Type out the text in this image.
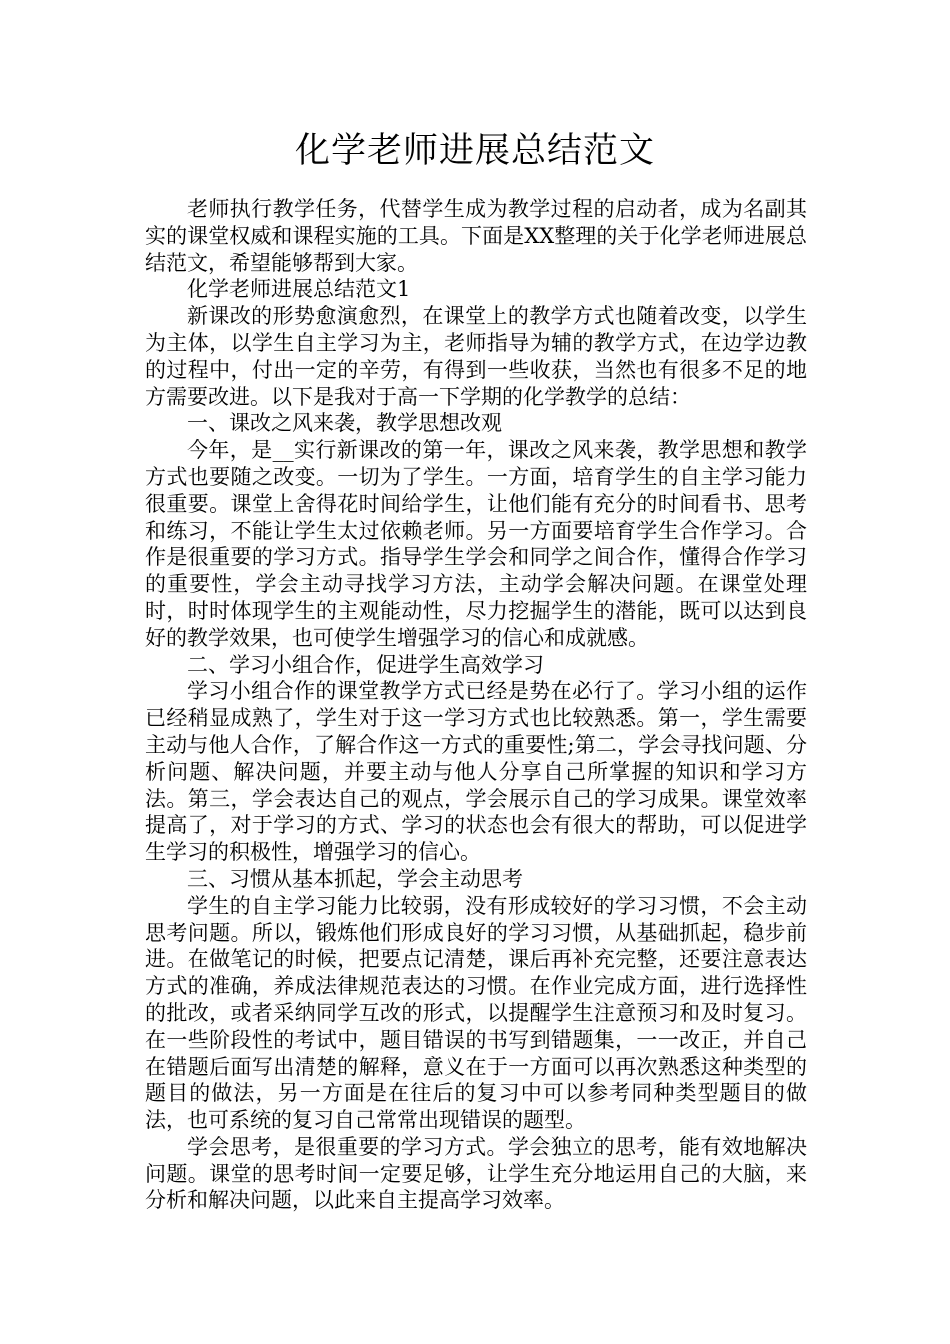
化学老师进展总结范文

老师执行教学任务，代替学生成为教学过程的启动者，成为名副其实的课堂权威和课程实施的工具。下面是XX整理的关于化学老师进展总结范文，希望能够帮到大家。

化学老师进展总结范文1

新课改的形势愈演愈烈，在课堂上的教学方式也随着改变，以学生为主体，以学生自主学习为主，老师指导为辅的教学方式，在边学边教的过程中，付出一定的辛劳，有得到一些收获，当然也有很多不足的地方需要改进。以下是我对于高一下学期的化学教学的总结：

一、课改之风来袭，教学思想改观

今年，是__实行新课改的第一年，课改之风来袭，教学思想和教学方式也要随之改变。一切为了学生。一方面，培育学生的自主学习能力很重要。课堂上舍得花时间给学生，让他们能有充分的时间看书、思考和练习，不能让学生太过依赖老师。另一方面要培育学生合作学习。合作是很重要的学习方式。指导学生学会和同学之间合作，懂得合作学习的重要性，学会主动寻找学习方法，主动学会解决问题。在课堂处理时，时时体现学生的主观能动性，尽力挖掘学生的潜能，既可以达到良好的教学效果，也可使学生增强学习的信心和成就感。

二、学习小组合作，促进学生高效学习

学习小组合作的课堂教学方式已经是势在必行了。学习小组的运作已经稍显成熟了，学生对于这一学习方式也比较熟悉。第一，学生需要主动与他人合作，了解合作这一方式的重要性;第二，学会寻找问题、分析问题、解决问题，并要主动与他人分享自己所掌握的知识和学习方法。第三，学会表达自己的观点，学会展示自己的学习成果。课堂效率提高了，对于学习的方式、学习的状态也会有很大的帮助，可以促进学生学习的积极性，增强学习的信心。

三、习惯从基本抓起，学会主动思考

学生的自主学习能力比较弱，没有形成较好的学习习惯，不会主动思考问题。所以，锻炼他们形成良好的学习习惯，从基础抓起，稳步前进。在做笔记的时候，把要点记清楚，课后再补充完整，还要注意表达方式的准确，养成法律规范表达的习惯。在作业完成方面，进行选择性的批改，或者采纳同学互改的形式，以提醒学生注意预习和及时复习。在一些阶段性的考试中，题目错误的书写到错题集，一一改正，并自己在错题后面写出清楚的解释，意义在于一方面可以再次熟悉这种类型的题目的做法，另一方面是在往后的复习中可以参考同种类型题目的做法，也可系统的复习自己常常出现错误的题型。

学会思考，是很重要的学习方式。学会独立的思考，能有效地解决问题。课堂的思考时间一定要足够，让学生充分地运用自己的大脑，来分析和解决问题，以此来自主提高学习效率。
